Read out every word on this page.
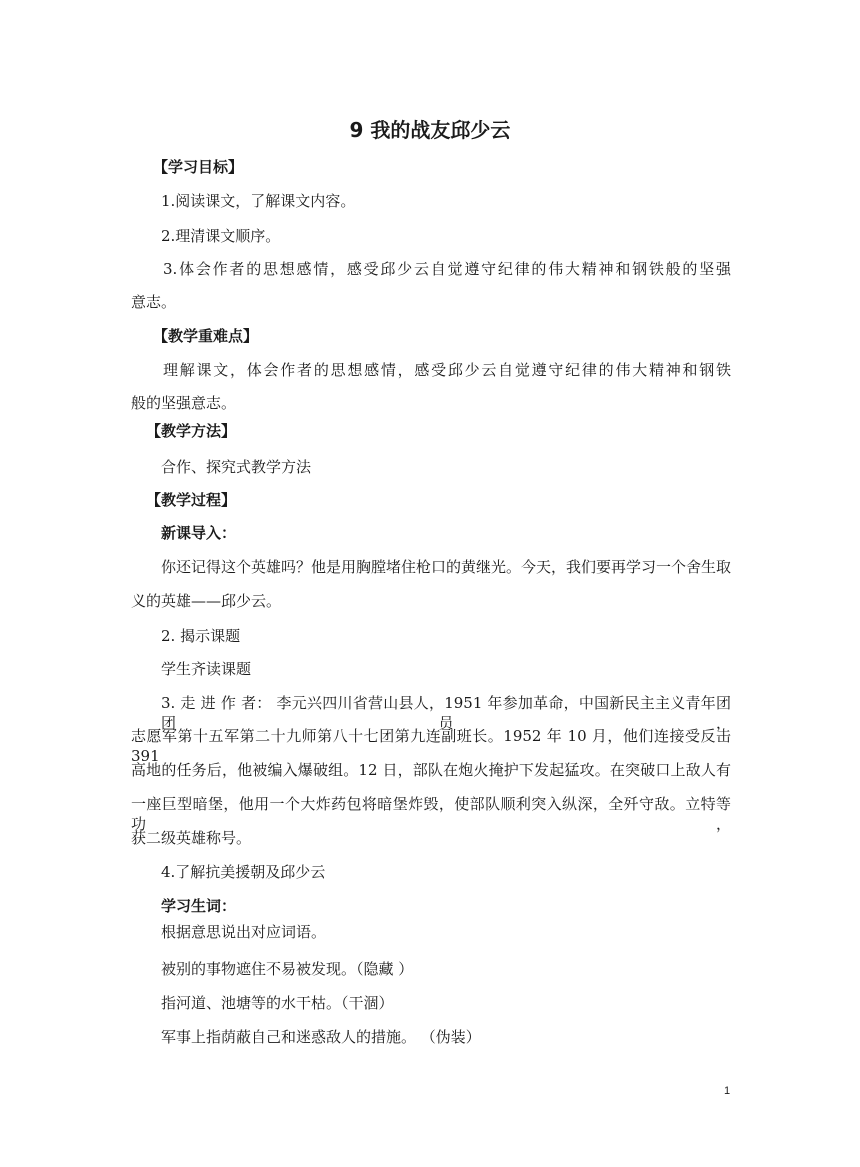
9 我的战友邱少云
【学习目标】
1.阅读课文，了解课文内容。
2.理清课文顺序。
3.体会作者的思想感情，感受邱少云自觉遵守纪律的伟大精神和钢铁般的坚强
意志。
【教学重难点】
理解课文，体会作者的思想感情，感受邱少云自觉遵守纪律的伟大精神和钢铁
般的坚强意志。
【教学方法】
合作、探究式教学方法
【教学过程】
新课导入：
你还记得这个英雄吗？他是用胸膛堵住枪口的黄继光。今天，我们要再学习一个舍生取
义的英雄——邱少云。
2. 揭示课题
学生齐读课题
3. 走 进 作 者： 李元兴四川省营山县人，1951 年参加革命，中国新民主主义青年团团员，
志愿军第十五军第二十九师第八十七团第九连副班长。1952 年 10 月，他们连接受反击 391
高地的任务后，他被编入爆破组。12 日，部队在炮火掩护下发起猛攻。在突破口上敌人有
一座巨型暗堡，他用一个大炸药包将暗堡炸毁，使部队顺利突入纵深，全歼守敌。立特等功，
获二级英雄称号。
4.了解抗美援朝及邱少云
学习生词：
根据意思说出对应词语。
被别的事物遮住不易被发现。（隐藏 ）
指河道、池塘等的水干枯。（干涸）
军事上指荫蔽自己和迷惑敌人的措施。 （伪装）
1
